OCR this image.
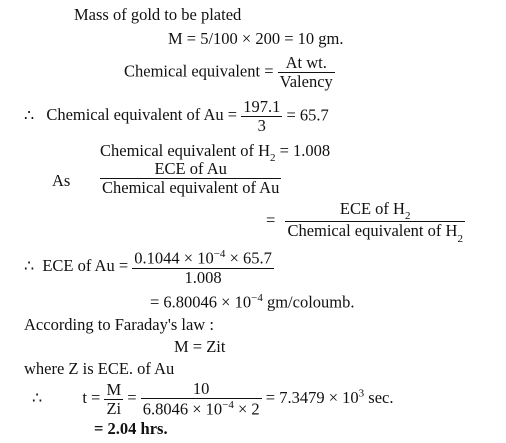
Mass of gold to be plated
M = 5/100 × 200 = 10 gm.
Chemical equivalent = $\frac{\text{At wt.}}{\text{Valency}}$
∴ Chemical equivalent of $Au = \frac{197.1}{3} = 65.7$
Chemical equivalent of $H_2 = 1.008$
As $\frac{\text{ECE of Au}}{\text{Chemical equivalent of Au}}$
= $\frac{ECE of H_2}{Chemical equivalent of H_2}$
∴ ECE of $Au = \frac{0.1044 \times 10^{-4} \times 65.7}{1.008}$
= $6.80046 \times 10^{-4}$ gm/coloumb.
According to Faraday's law :
M = Zit
where Z is ECE. of Au
∴ $t = \frac{M}{Zi} = \frac{10}{6.8046 \times 10^{-4} \times 2} = 7.3479 \times 10^3$ sec.
= 2.04 hrs.
